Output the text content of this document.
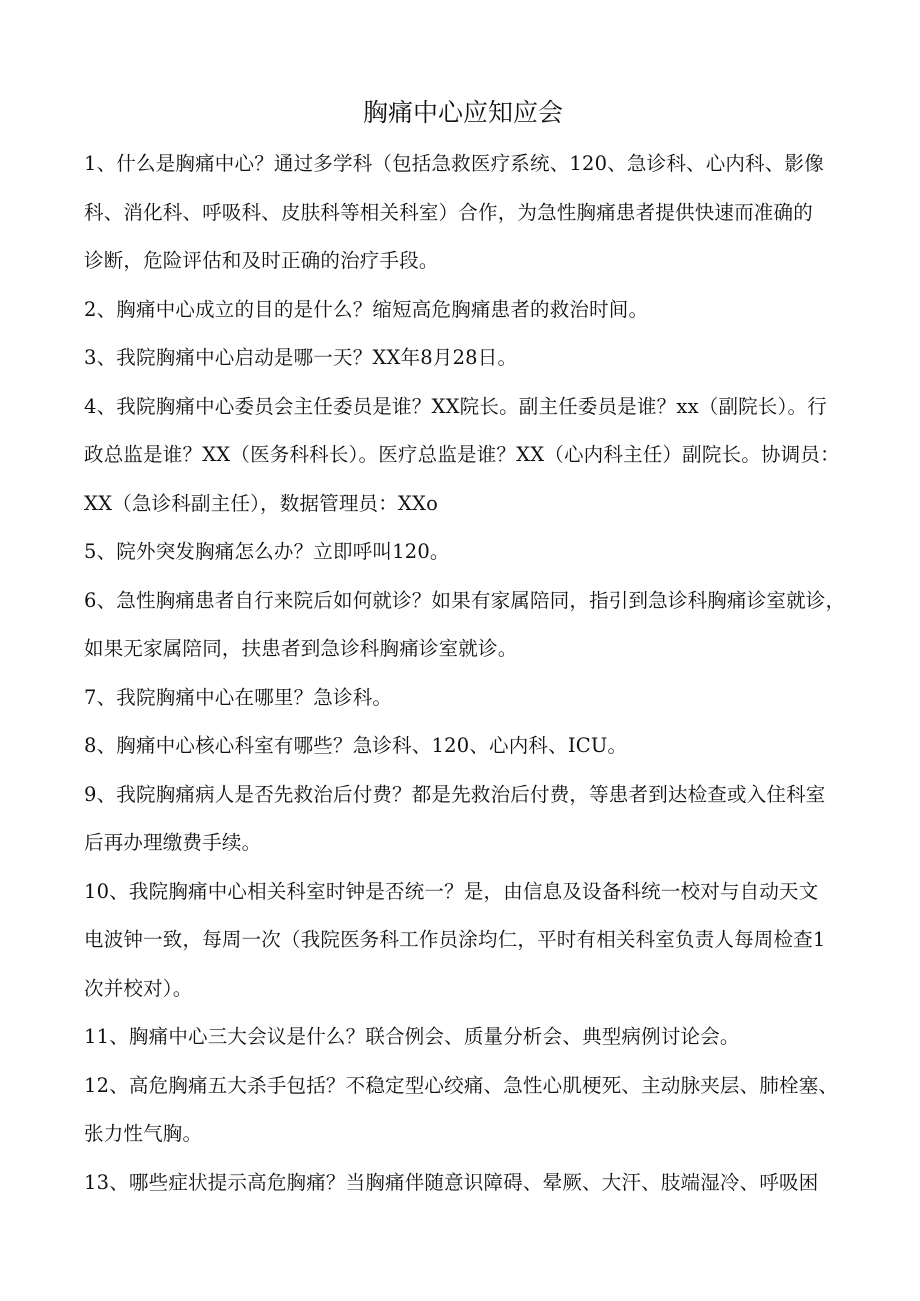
胸痛中心应知应会

1、什么是胸痛中心？通过多学科（包括急救医疗系统、120、急诊科、心内科、影像
科、消化科、呼吸科、皮肤科等相关科室）合作，为急性胸痛患者提供快速而准确的
诊断，危险评估和及时正确的治疗手段。

2、胸痛中心成立的目的是什么？缩短高危胸痛患者的救治时间。

3、我院胸痛中心启动是哪一天？XX年8月28日。

4、我院胸痛中心委员会主任委员是谁？XX院长。副主任委员是谁？xx（副院长）。行
政总监是谁？XX（医务科科长）。医疗总监是谁？XX（心内科主任）副院长。协调员：
XX（急诊科副主任），数据管理员：XXo

5、院外突发胸痛怎么办？立即呼叫120。

6、急性胸痛患者自行来院后如何就诊？如果有家属陪同，指引到急诊科胸痛诊室就诊，
如果无家属陪同，扶患者到急诊科胸痛诊室就诊。

7、我院胸痛中心在哪里？急诊科。

8、胸痛中心核心科室有哪些？急诊科、120、心内科、ICU。

9、我院胸痛病人是否先救治后付费？都是先救治后付费，等患者到达检查或入住科室
后再办理缴费手续。

10、我院胸痛中心相关科室时钟是否统一？是，由信息及设备科统一校对与自动天文
电波钟一致，每周一次（我院医务科工作员涂均仁，平时有相关科室负责人每周检查1
次并校对）。

11、胸痛中心三大会议是什么？联合例会、质量分析会、典型病例讨论会。

12、高危胸痛五大杀手包括？不稳定型心绞痛、急性心肌梗死、主动脉夹层、肺栓塞、
张力性气胸。

13、哪些症状提示高危胸痛？当胸痛伴随意识障碍、晕厥、大汗、肢端湿冷、呼吸困
